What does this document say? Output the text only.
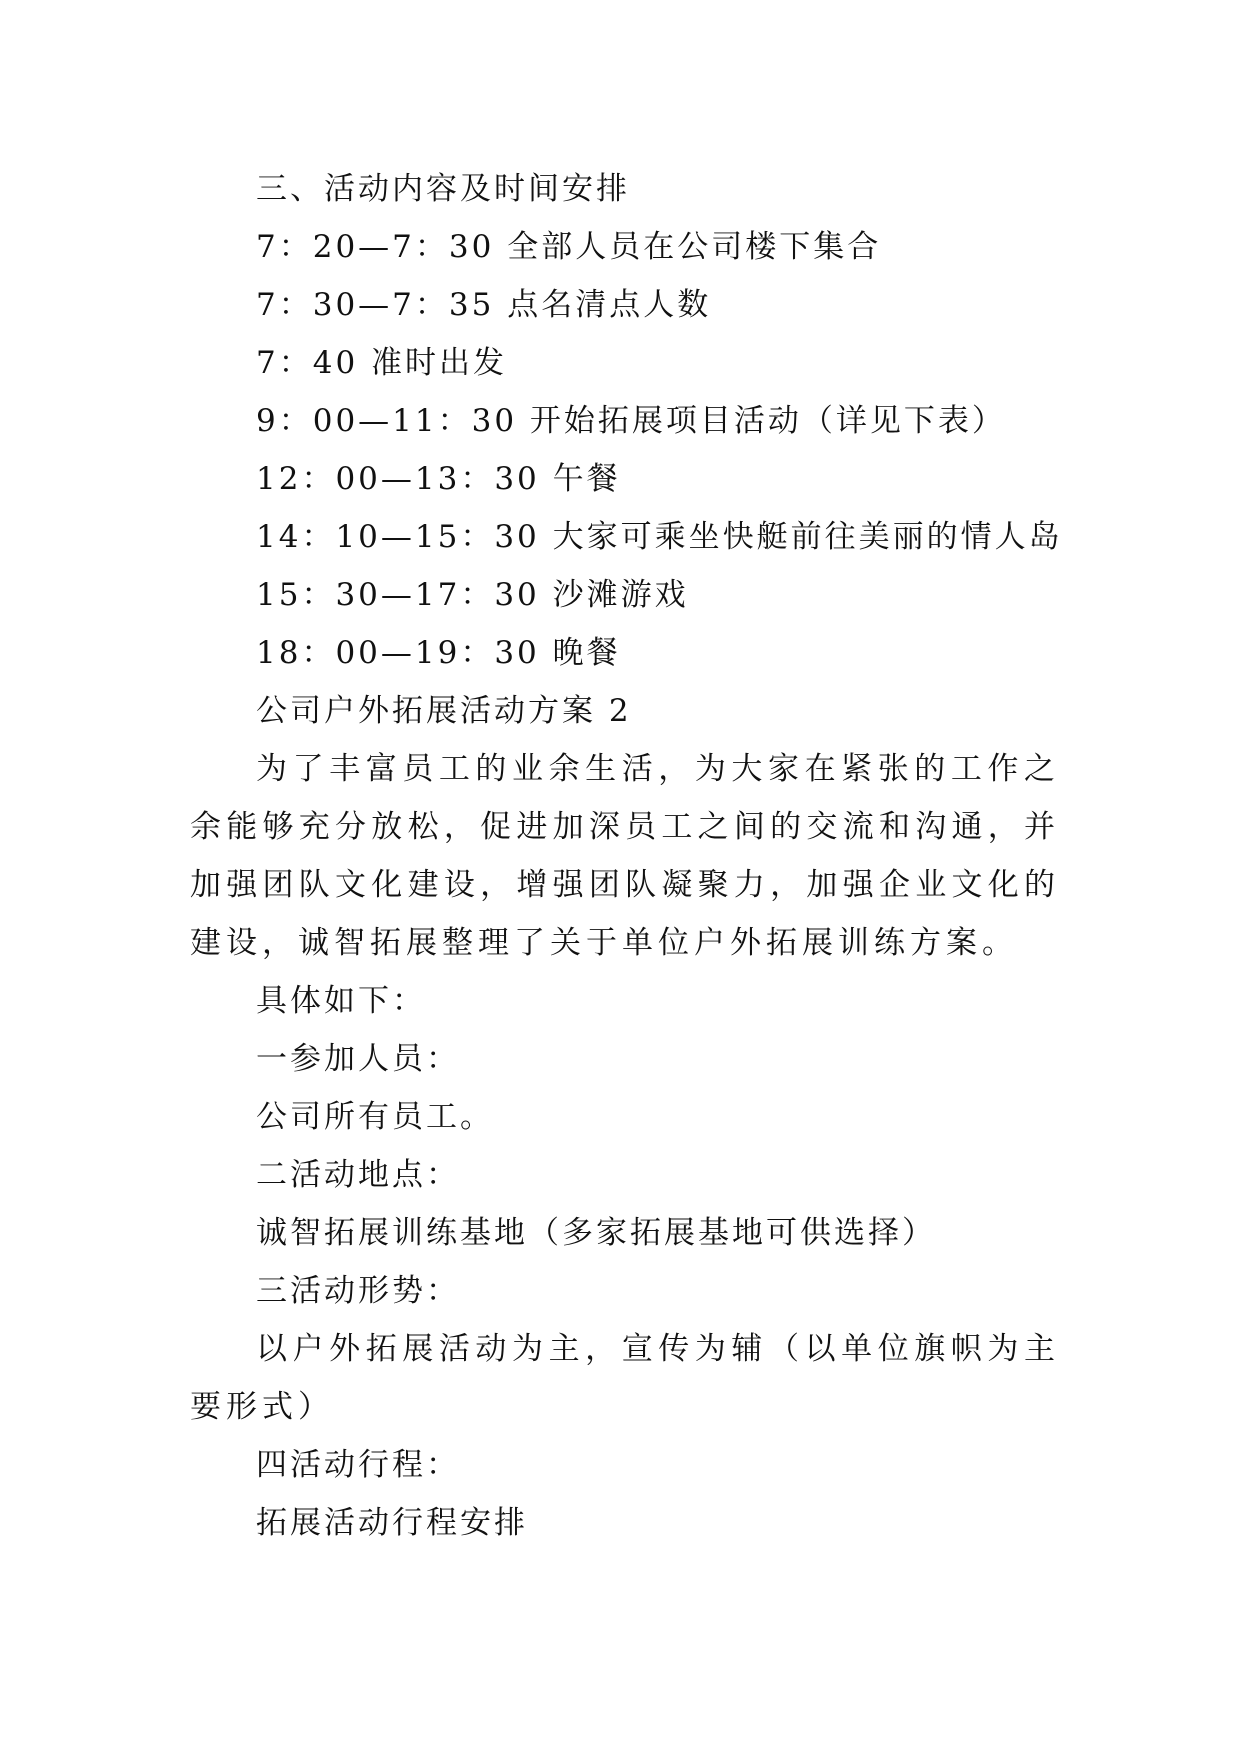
三、活动内容及时间安排
7：20—7：30 全部人员在公司楼下集合
7：30—7：35 点名清点人数
7：40 准时出发
9：00—11：30 开始拓展项目活动（详见下表）
12：00—13：30 午餐
14：10—15：30 大家可乘坐快艇前往美丽的情人岛
15：30—17：30 沙滩游戏
18：00—19：30 晚餐
公司户外拓展活动方案 2
为了丰富员工的业余生活，为大家在紧张的工作之余能够充分放松，促进加深员工之间的交流和沟通，并加强团队文化建设，增强团队凝聚力，加强企业文化的建设，诚智拓展整理了关于单位户外拓展训练方案。
具体如下：
一参加人员：
公司所有员工。
二活动地点：
诚智拓展训练基地（多家拓展基地可供选择）
三活动形势：
以户外拓展活动为主，宣传为辅（以单位旗帜为主要形式）
四活动行程：
拓展活动行程安排
